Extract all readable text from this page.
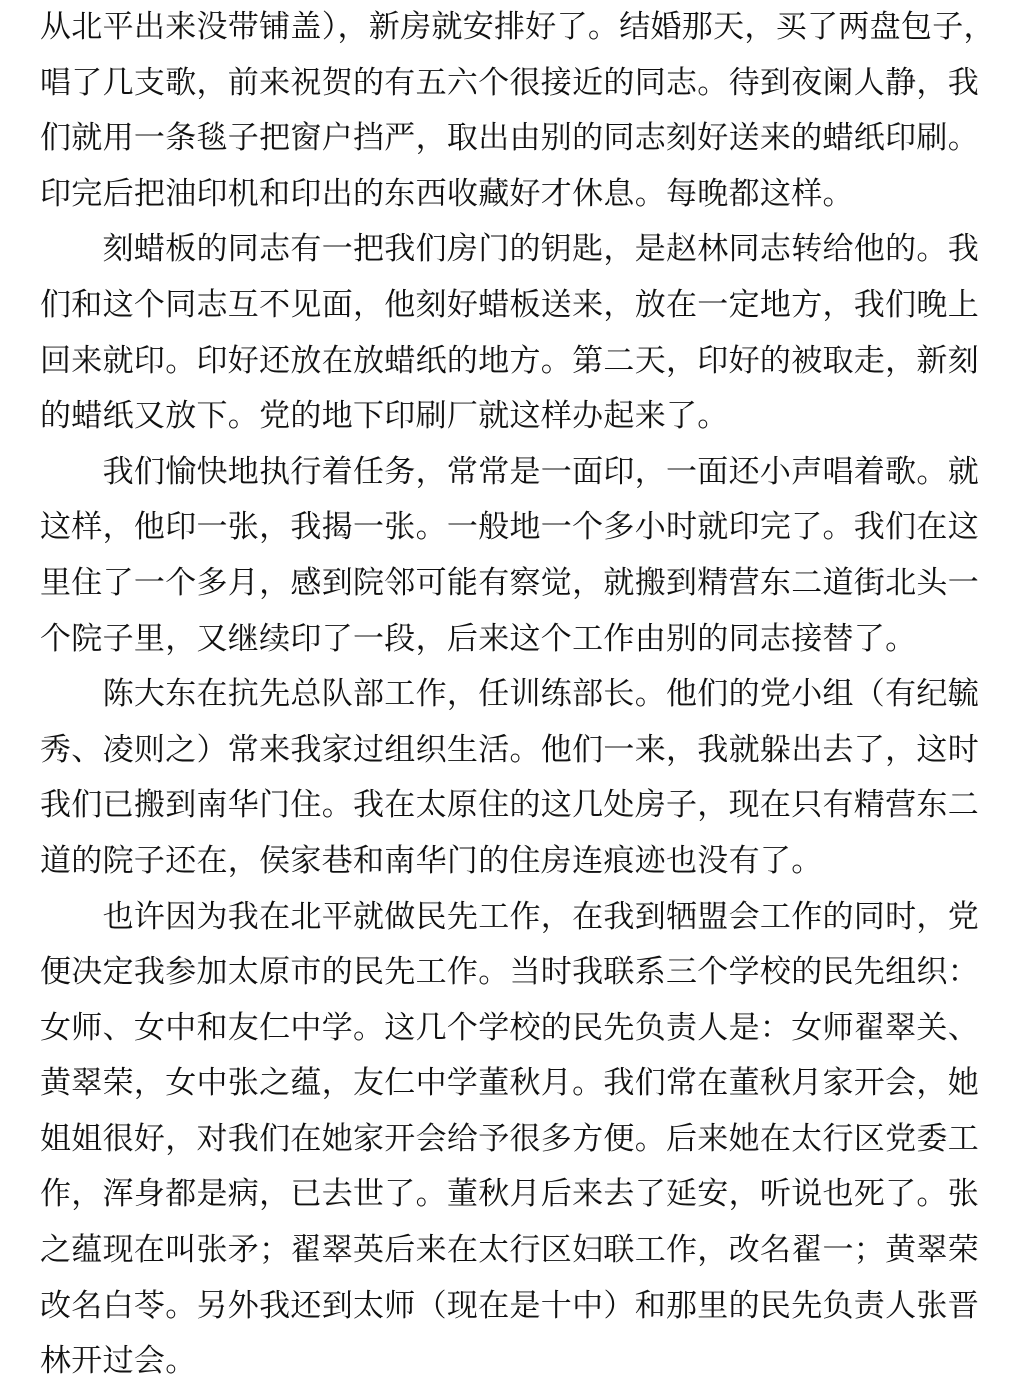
从北平出来没带铺盖），新房就安排好了。结婚那天，买了两盘包子，
唱了几支歌，前来祝贺的有五六个很接近的同志。待到夜阑人静，我
们就用一条毯子把窗户挡严，取出由别的同志刻好送来的蜡纸印刷。
印完后把油印机和印出的东西收藏好才休息。每晚都这样。
　　刻蜡板的同志有一把我们房门的钥匙，是赵林同志转给他的。我
们和这个同志互不见面，他刻好蜡板送来，放在一定地方，我们晚上
回来就印。印好还放在放蜡纸的地方。第二天，印好的被取走，新刻
的蜡纸又放下。党的地下印刷厂就这样办起来了。
　　我们愉快地执行着任务，常常是一面印，一面还小声唱着歌。就
这样，他印一张，我揭一张。一般地一个多小时就印完了。我们在这
里住了一个多月，感到院邻可能有察觉，就搬到精营东二道街北头一
个院子里，又继续印了一段，后来这个工作由别的同志接替了。
　　陈大东在抗先总队部工作，任训练部长。他们的党小组（有纪毓
秀、凌则之）常来我家过组织生活。他们一来，我就躲出去了，这时
我们已搬到南华门住。我在太原住的这几处房子，现在只有精营东二
道的院子还在，侯家巷和南华门的住房连痕迹也没有了。
　　也许因为我在北平就做民先工作，在我到牺盟会工作的同时，党
便决定我参加太原市的民先工作。当时我联系三个学校的民先组织：
女师、女中和友仁中学。这几个学校的民先负责人是：女师翟翠关、
黄翠荣，女中张之蕴，友仁中学董秋月。我们常在董秋月家开会，她
姐姐很好，对我们在她家开会给予很多方便。后来她在太行区党委工
作，浑身都是病，已去世了。董秋月后来去了延安，听说也死了。张
之蕴现在叫张矛；翟翠英后来在太行区妇联工作，改名翟一；黄翠荣
改名白苓。另外我还到太师（现在是十中）和那里的民先负责人张晋
林开过会。
